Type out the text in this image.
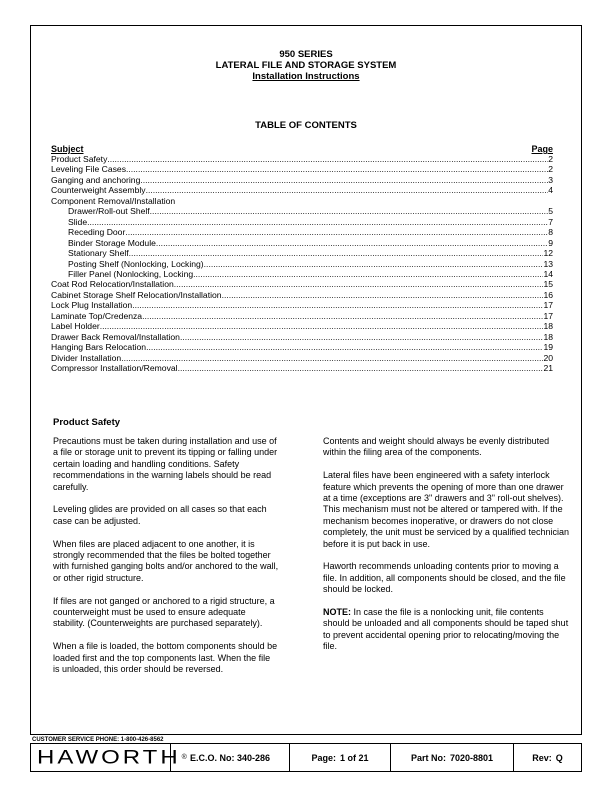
950 SERIES
LATERAL FILE AND STORAGE SYSTEM
Installation Instructions
TABLE OF CONTENTS
Subject	Page
Product Safety .....	2
Leveling File Cases .....	2
Ganging and anchoring .....	3
Counterweight Assembly .....	4
Component Removal/Installation
Drawer/Roll-out Shelf .....	5
Slide .....	7
Receding Door .....	8
Binder Storage Module .....	9
Stationary Shelf .....	12
Posting Shelf (Nonlocking, Locking) .....	13
Filler Panel (Nonlocking, Locking .....	14
Coat Rod Relocation/Installation .....	15
Cabinet Storage Shelf Relocation/Installation .....	16
Lock Plug Installation .....	17
Laminate Top/Credenza .....	17
Label Holder .....	18
Drawer Back Removal/Installation .....	18
Hanging Bars Relocation .....	19
Divider Installation .....	20
Compressor Installation/Removal .....	21
Product Safety

Precautions must be taken during installation and use of a file or storage unit to prevent its tipping or falling under certain loading and handling conditions. Safety recommendations in the warning labels should be read carefully.

Leveling glides are provided on all cases so that each case can be adjusted.

When files are placed adjacent to one another, it is strongly recommended that the files be bolted together with furnished ganging bolts and/or anchored to the wall, or other rigid structure.

If files are not ganged or anchored to a rigid structure, a counterweight must be used to ensure adequate stability. (Counterweights are purchased separately).

When a file is loaded, the bottom components should be loaded first and the top components last. When the file is unloaded, this order should be reversed.

Contents and weight should always be evenly distributed within the filing area of the components.

Lateral files have been engineered with a safety interlock feature which prevents the opening of more than one drawer at a time (exceptions are 3" drawers and 3" roll-out shelves). This mechanism must not be altered or tampered with. If the mechanism becomes inoperative, or drawers do not close completely, the unit must be serviced by a qualified technician before it is put back in use.

Haworth recommends unloading contents prior to moving a file. In addition, all components should be closed, and the file should be locked.

NOTE: In case the file is a nonlocking unit, file contents should be unloaded and all components should be taped shut to prevent accidental opening prior to relocating/moving the file.

CUSTOMER SERVICE PHONE: 1-800-426-8562
HAWORTH ® E.C.O. No: 340-286	Page: 1 of 21	Part No: 7020-8801	Rev: Q
